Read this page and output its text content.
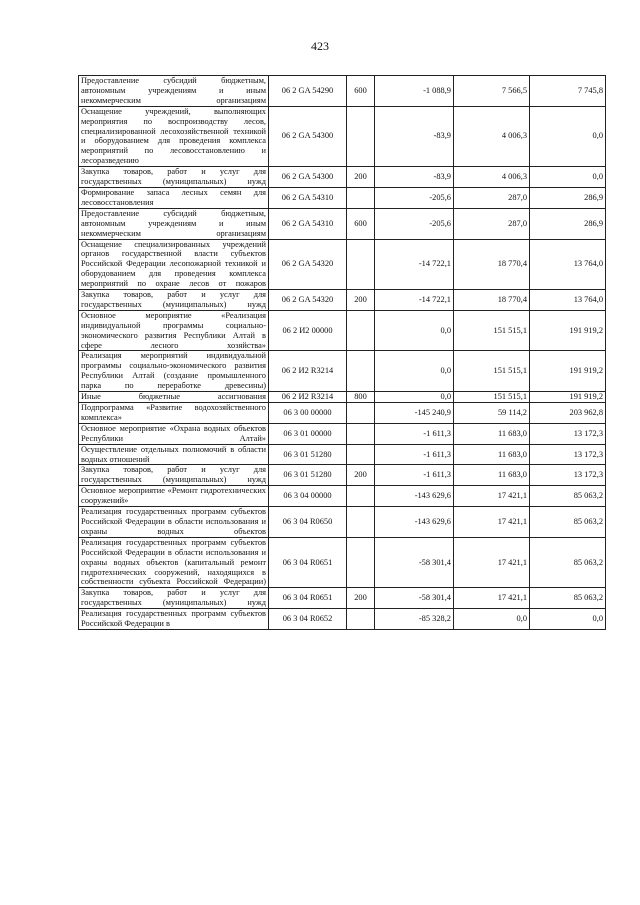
423
Предоставление субсидий бюджетным, автономным учреждениям и иным некоммерческим организациям	06 2 GA 54290	600	-1 088,9	7 566,5	7 745,8
Оснащение учреждений, выполняющих мероприятия по воспроизводству лесов, специализированной лесохозяйственной техникой и оборудованием для проведения комплекса мероприятий по лесовосстановлению и лесоразведению	06 2 GA 54300		-83,9	4 006,3	0,0
Закупка товаров, работ и услуг для государственных (муниципальных) нужд	06 2 GA 54300	200	-83,9	4 006,3	0,0
Формирование запаса лесных семян для лесовосстановления	06 2 GA 54310		-205,6	287,0	286,9
Предоставление субсидий бюджетным, автономным учреждениям и иным некоммерческим организациям	06 2 GA 54310	600	-205,6	287,0	286,9
Оснащение специализированных учреждений органов государственной власти субъектов Российской Федерации лесопожарной техникой и оборудованием для проведения комплекса мероприятий по охране лесов от пожаров	06 2 GA 54320		-14 722,1	18 770,4	13 764,0
Закупка товаров, работ и услуг для государственных (муниципальных) нужд	06 2 GA 54320	200	-14 722,1	18 770,4	13 764,0
Основное мероприятие «Реализация индивидуальной программы социально-экономического развития Республики Алтай в сфере лесного хозяйства»	06 2 И2 00000		0,0	151 515,1	191 919,2
Реализация мероприятий индивидуальной программы социально-экономического развития Республики Алтай (создание промышленного парка по переработке древесины)	06 2 И2 R3214		0,0	151 515,1	191 919,2
Иные бюджетные ассигнования	06 2 И2 R3214	800	0,0	151 515,1	191 919,2
Подпрограмма «Развитие водохозяйственного комплекса»	06 3 00 00000		-145 240,9	59 114,2	203 962,8
Основное мероприятие «Охрана водных объектов Республики Алтай»	06 3 01 00000		-1 611,3	11 683,0	13 172,3
Осуществление отдельных полномочий в области водных отношений	06 3 01 51280		-1 611,3	11 683,0	13 172,3
Закупка товаров, работ и услуг для государственных (муниципальных) нужд	06 3 01 51280	200	-1 611,3	11 683,0	13 172,3
Основное мероприятие «Ремонт гидротехнических сооружений»	06 3 04 00000		-143 629,6	17 421,1	85 063,2
Реализация государственных программ субъектов Российской Федерации в области использования и охраны водных объектов	06 3 04 R0650		-143 629,6	17 421,1	85 063,2
Реализация государственных программ субъектов Российской Федерации в области использования и охраны водных объектов (капитальный ремонт гидротехнических сооружений, находящихся в собственности субъекта Российской Федерации)	06 3 04 R0651		-58 301,4	17 421,1	85 063,2
Закупка товаров, работ и услуг для государственных (муниципальных) нужд	06 3 04 R0651	200	-58 301,4	17 421,1	85 063,2
Реализация государственных программ субъектов Российской Федерации в	06 3 04 R0652		-85 328,2	0,0	0,0
